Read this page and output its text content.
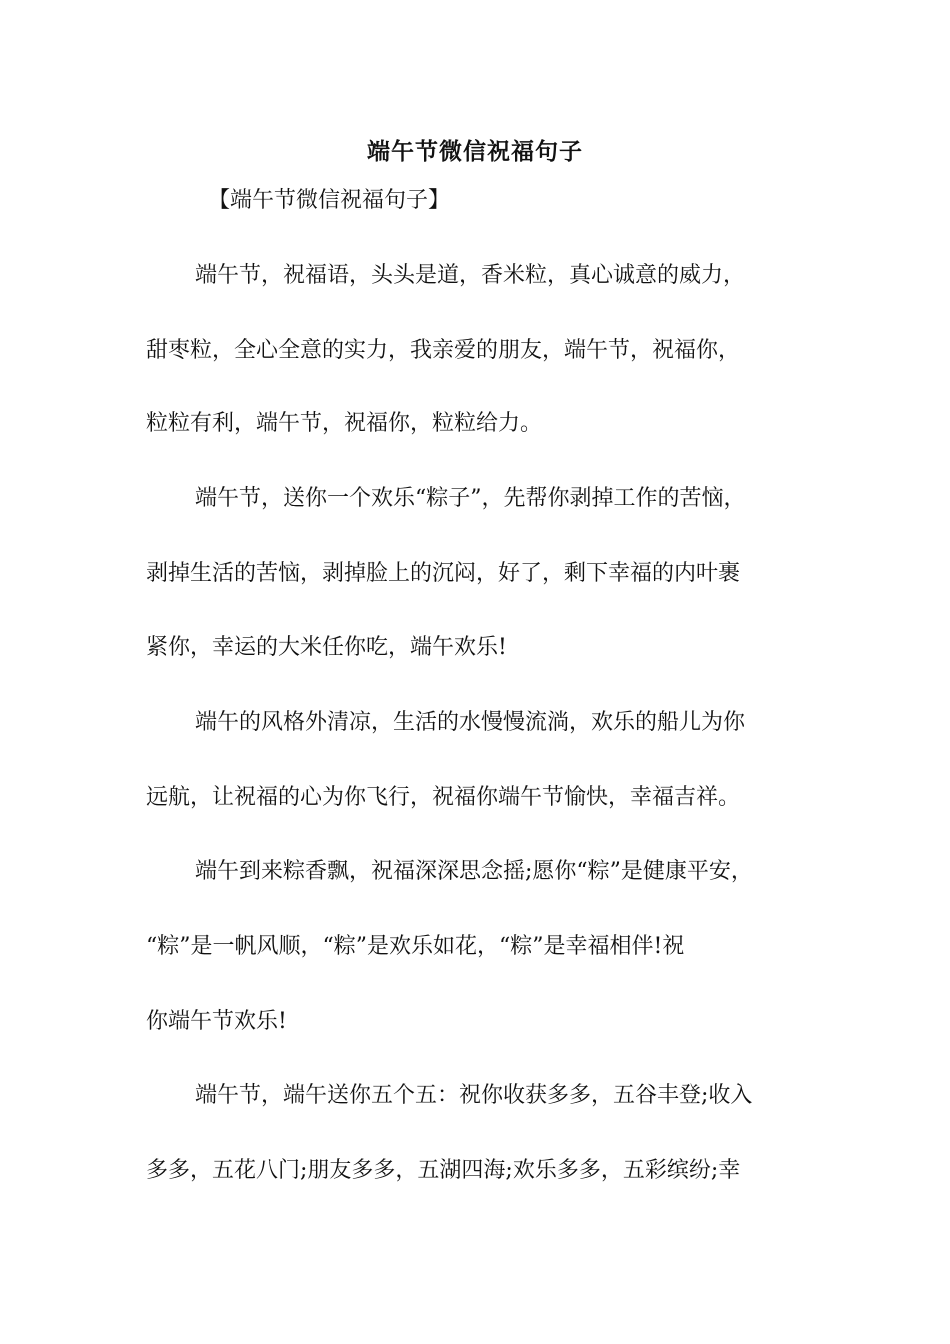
端午节微信祝福句子
【端午节微信祝福句子】
端午节，祝福语，头头是道，香米粒，真心诚意的威力，
甜枣粒，全心全意的实力，我亲爱的朋友，端午节，祝福你，
粒粒有利，端午节，祝福你，粒粒给力。
端午节，送你一个欢乐“粽子”，先帮你剥掉工作的苦恼，
剥掉生活的苦恼，剥掉脸上的沉闷，好了，剩下幸福的内叶裹
紧你，幸运的大米任你吃，端午欢乐!
端午的风格外清凉，生活的水慢慢流淌，欢乐的船儿为你
远航，让祝福的心为你飞行，祝福你端午节愉快，幸福吉祥。
端午到来粽香飘，祝福深深思念摇;愿你“粽”是健康平安，
“粽”是一帆风顺，“粽”是欢乐如花，“粽”是幸福相伴!祝
你端午节欢乐!
端午节，端午送你五个五：祝你收获多多，五谷丰登;收入
多多，五花八门;朋友多多，五湖四海;欢乐多多，五彩缤纷;幸
